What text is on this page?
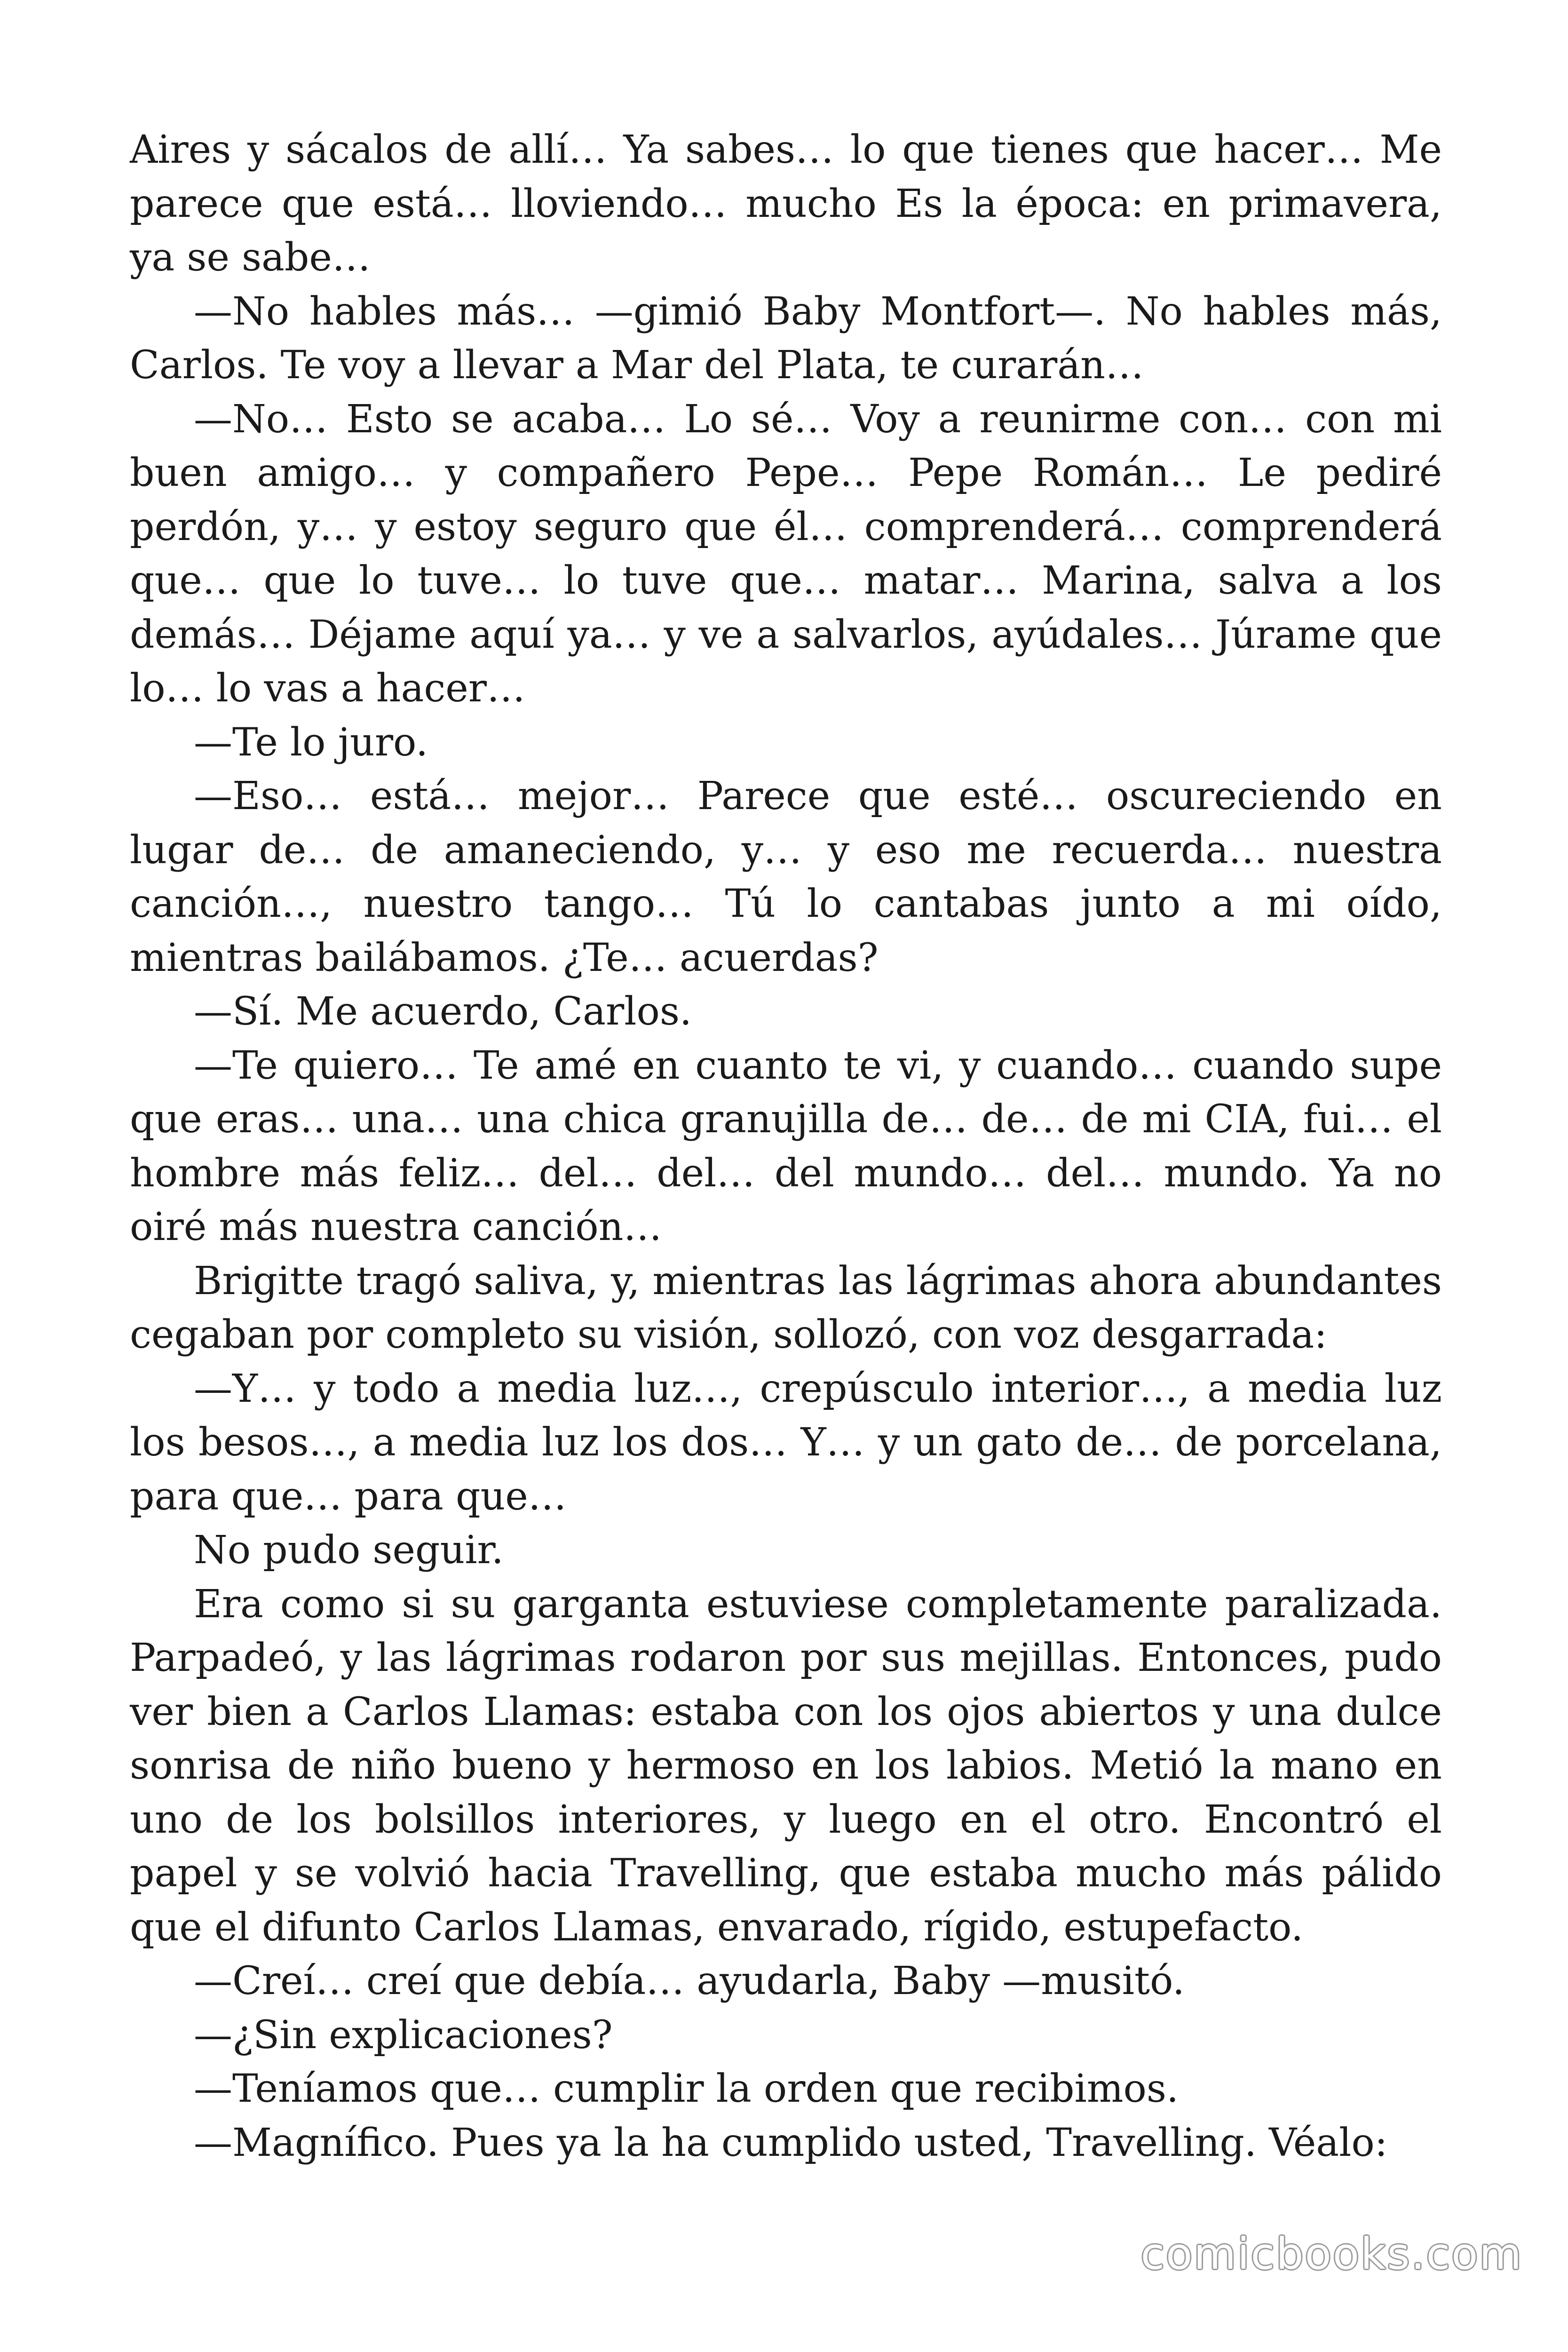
Aires y sácalos de allí… Ya sabes… lo que tienes que hacer… Me parece que está… lloviendo… mucho Es la época: en primavera, ya se sabe…

—No hables más… —gimió Baby Montfort—. No hables más, Carlos. Te voy a llevar a Mar del Plata, te curarán…

—No… Esto se acaba… Lo sé… Voy a reunirme con… con mi buen amigo… y compañero Pepe… Pepe Román… Le pediré perdón, y… y estoy seguro que él… comprenderá… comprenderá que… que lo tuve… lo tuve que… matar… Marina, salva a los demás… Déjame aquí ya… y ve a salvarlos, ayúdales… Júrame que lo… lo vas a hacer…

—Te lo juro.

—Eso… está… mejor… Parece que esté… oscureciendo en lugar de… de amaneciendo, y… y eso me recuerda… nuestra canción…, nuestro tango… Tú lo cantabas junto a mi oído, mientras bailábamos. ¿Te… acuerdas?

—Sí. Me acuerdo, Carlos.

—Te quiero… Te amé en cuanto te vi, y cuando… cuando supe que eras… una… una chica granujilla de… de… de mi CIA, fui… el hombre más feliz… del… del… del mundo… del… mundo. Ya no oiré más nuestra canción…

Brigitte tragó saliva, y, mientras las lágrimas ahora abundantes cegaban por completo su visión, sollozó, con voz desgarrada:

—Y… y todo a media luz…, crepúsculo interior…, a media luz los besos…, a media luz los dos… Y… y un gato de… de porcelana, para que… para que…

No pudo seguir.

Era como si su garganta estuviese completamente paralizada. Parpadeó, y las lágrimas rodaron por sus mejillas. Entonces, pudo ver bien a Carlos Llamas: estaba con los ojos abiertos y una dulce sonrisa de niño bueno y hermoso en los labios. Metió la mano en uno de los bolsillos interiores, y luego en el otro. Encontró el papel y se volvió hacia Travelling, que estaba mucho más pálido que el difunto Carlos Llamas, envarado, rígido, estupefacto.

—Creí… creí que debía… ayudarla, Baby —musitó.

—¿Sin explicaciones?

—Teníamos que… cumplir la orden que recibimos.

—Magnífico. Pues ya la ha cumplido usted, Travelling. Véalo:

comicbooks.com
